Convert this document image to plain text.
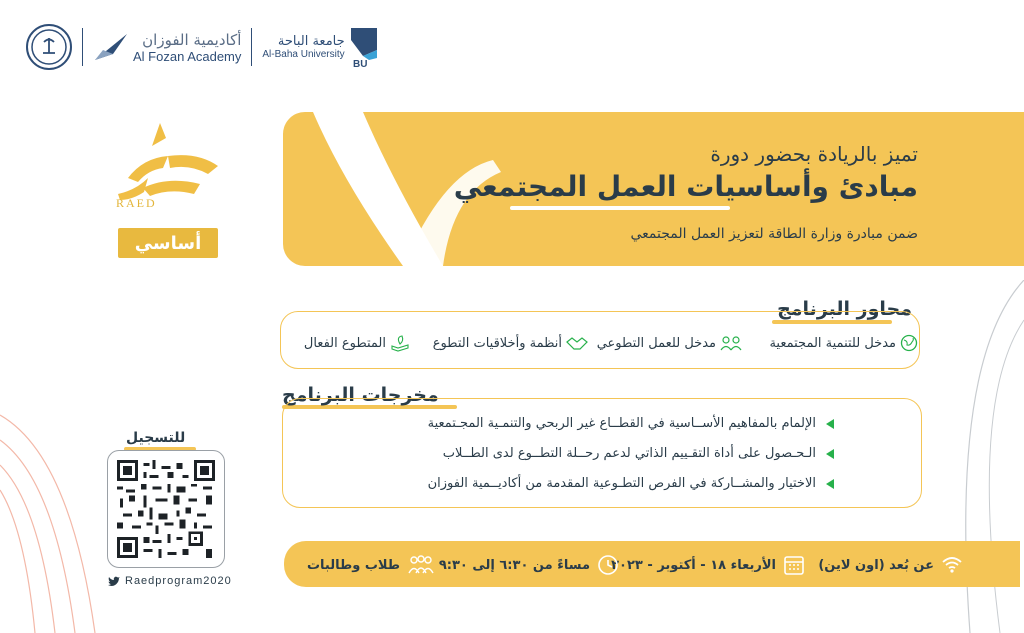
أكاديمية الفوزان
Al Fozan Academy
جامعة الباحة
Al-Baha University
BU
RAED
أساسي
تميز بالريادة بحضور دورة
مبادئ وأساسيات العمل المجتمعي
ضمن مبادرة وزارة الطاقة لتعزيز العمل المجتمعي
محاور البرنامج
مدخل للتنمية المجتمعية
مدخل للعمل التطوعي
أنظمة وأخلاقيات التطوع
المتطوع الفعال
مخرجات البرنامج
الإلمام بالمفاهيم الأســاسية في القطــاع غير الربحي والتنمـية المجـتمعية
الـحـصول على أداة التقـييم الذاتي لدعم رحــلة التطــوع لدى الطــلاب
الاختيار والمشــاركة في الفرص التطـوعية المقدمة من أكاديــمية الفوزان
للتسجيل
Raedprogram2020
عن بُعد (اون لاين)
الأربعاء ١٨ - أكتوبر - ٢٠٢٣
مساءً من ٦:٣٠ إلى ٩:٣٠
طلاب وطالبات
